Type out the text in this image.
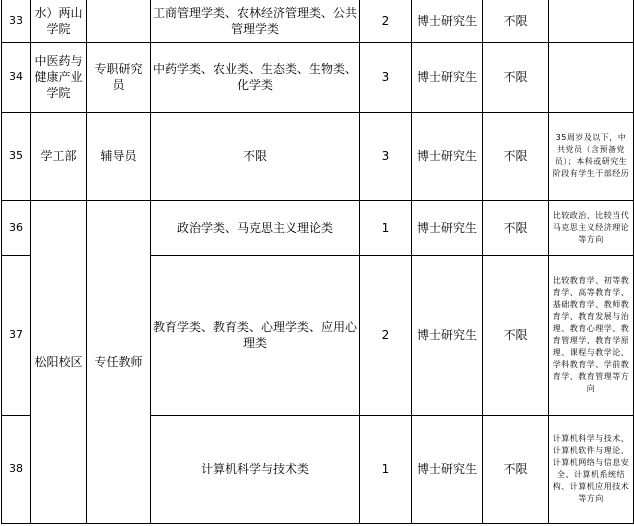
33	水）两山学院		工商管理学类、农林经济管理类、公共管理学类	2	博士研究生	不限	
34	中医药与健康产业学院	专职研究员	中药学类、农业类、生态类、生物类、化学类	3	博士研究生	不限	
35	学工部	辅导员	不限	3	博士研究生	不限	35周岁及以下，中共党员（含预备党员）；本科或研究生阶段有学生干部经历
36	松阳校区	专任教师	政治学类、马克思主义理论类	1	博士研究生	不限	比较政治、比较当代马克思主义经济理论等方向
37			教育学类、教育类、心理学类、应用心理类	2	博士研究生	不限	比较教育学、初等教育学、高等教育学、基础教育学、教师教育学、教育发展与治理、教育心理学、教育管理学、教育学原理、课程与教学论、学科教育学、学前教育学、教育管理等方向
38			计算机科学与技术类	1	博士研究生	不限	计算机科学与技术、计算机软件与理论、计算机网络与信息安全、计算机系统结构、计算机应用技术等方向
